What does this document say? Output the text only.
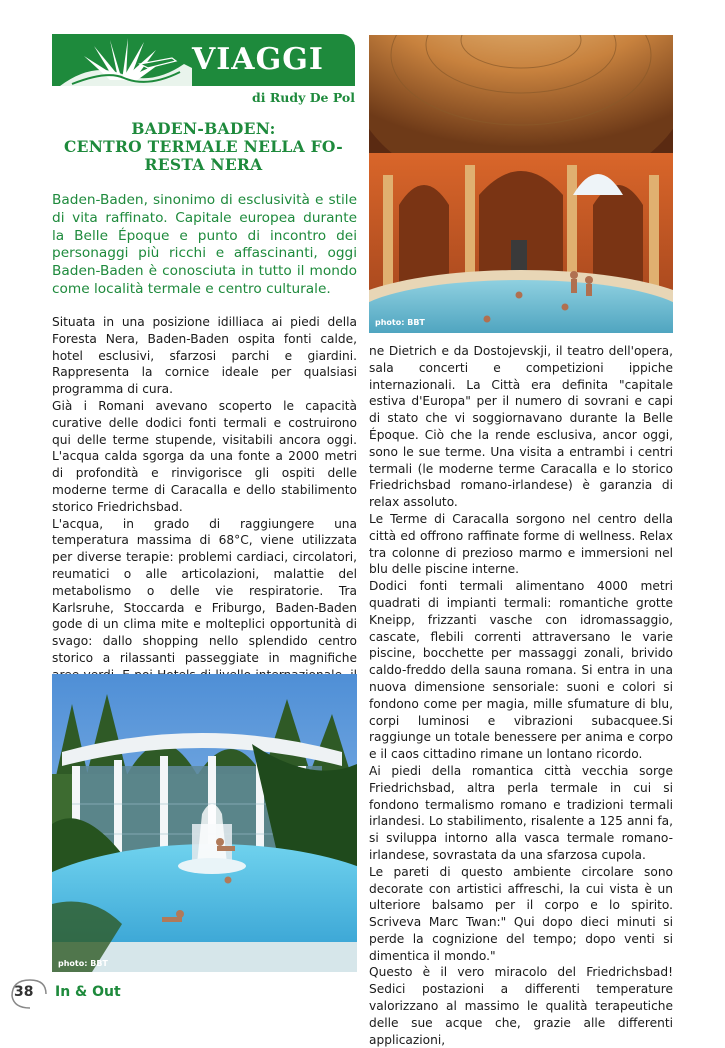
VIAGGI
di Rudy De Pol
BADEN-BADEN:
CENTRO TERMALE NELLA FO-
RESTA NERA
Baden-Baden, sinonimo di esclusività e stile di vita raffinato. Capitale europea durante la Belle Époque e punto di incontro dei personaggi più ricchi e affascinanti, oggi Baden-Baden è conosciuta in tutto il mondo come località termale e centro culturale.

Situata in una posizione idilliaca ai piedi della Foresta Nera, Baden-Baden ospita fonti calde, hotel esclusivi, sfarzosi parchi e giardini. Rappresenta la cornice ideale per qualsiasi programma di cura.

Già i Romani avevano scoperto le capacità curative delle dodici fonti termali e costruirono qui delle terme stupende, visitabili ancora oggi. L'acqua calda sgorga da una fonte a 2000 metri di profondità e rinvigorisce gli ospiti delle moderne terme di Caracalla e dello stabilimento storico Friedrichsbad.

L'acqua, in grado di raggiungere una temperatura massima di 68°C, viene utilizzata per diverse terapie: problemi cardiaci, circolatori, reumatici o alle articolazioni, malattie del metabolismo o delle vie respiratorie. Tra Karlsruhe, Stoccarda e Friburgo, Baden-Baden gode di un clima mite e molteplici opportunità di svago: dallo shopping nello splendido centro storico a rilassanti passeggiate in magnifiche

ne Dietrich e da Dostojevskji, il teatro dell'opera, sala concerti e competizioni ippiche internazionali. La Città era definita "capitale estiva d'Europa" per il numero di sovrani e capi di stato che vi soggiornavano durante la Belle Époque. Ciò che la rende esclusiva, ancor oggi, sono le sue terme. Una visita a entrambi i centri termali (le moderne terme Caracalla e lo storico Friedrichsbad romano-irlandese) è garanzia di relax assoluto.

Le Terme di Caracalla sorgono nel centro della città ed offrono raffinate forme di wellness. Relax tra colonne di prezioso marmo e immersioni nel blu delle piscine interne.

Dodici fonti termali alimentano 4000 metri quadrati di impianti termali: romantiche grotte Kneipp, frizzanti vasche con idromassaggio, cascate, flebili correnti attraversano le varie piscine, bocchette per massaggi zonali, brivido caldo-freddo della sauna romana. Si entra in una nuova dimensione sensoriale: suoni e colori si fondono come per magia, mille sfumature di blu, corpi luminosi e vibrazioni subacquee.Si raggiunge un totale benessere per anima e corpo e il caos cittadino rimane un lontano ricordo.

Ai piedi della romantica città vecchia sorge Friedrichsbad, altra perla termale in cui si fondono termalismo romano e tradizioni termali irlandesi. Lo stabilimento, risalente a 125 anni fa, si sviluppa intorno alla vasca termale romano-irlandese, sovrastata da una sfarzosa cupola.

Le pareti di questo ambiente circolare sono decorate con artistici affreschi, la cui vista è un ulteriore balsamo per il corpo e lo spirito. Scriveva Marc Twan:" Qui dopo dieci minuti si perde la cognizione del tempo; dopo venti si dimentica il mondo."

Questo è il vero miracolo del Friedrichsbad! Sedici postazioni a differenti temperature valorizzano al massimo le qualità terapeutiche delle sue acque che, grazie alle differenti applicazioni,

photo: BBT
photo: BBT
38 In & Out
